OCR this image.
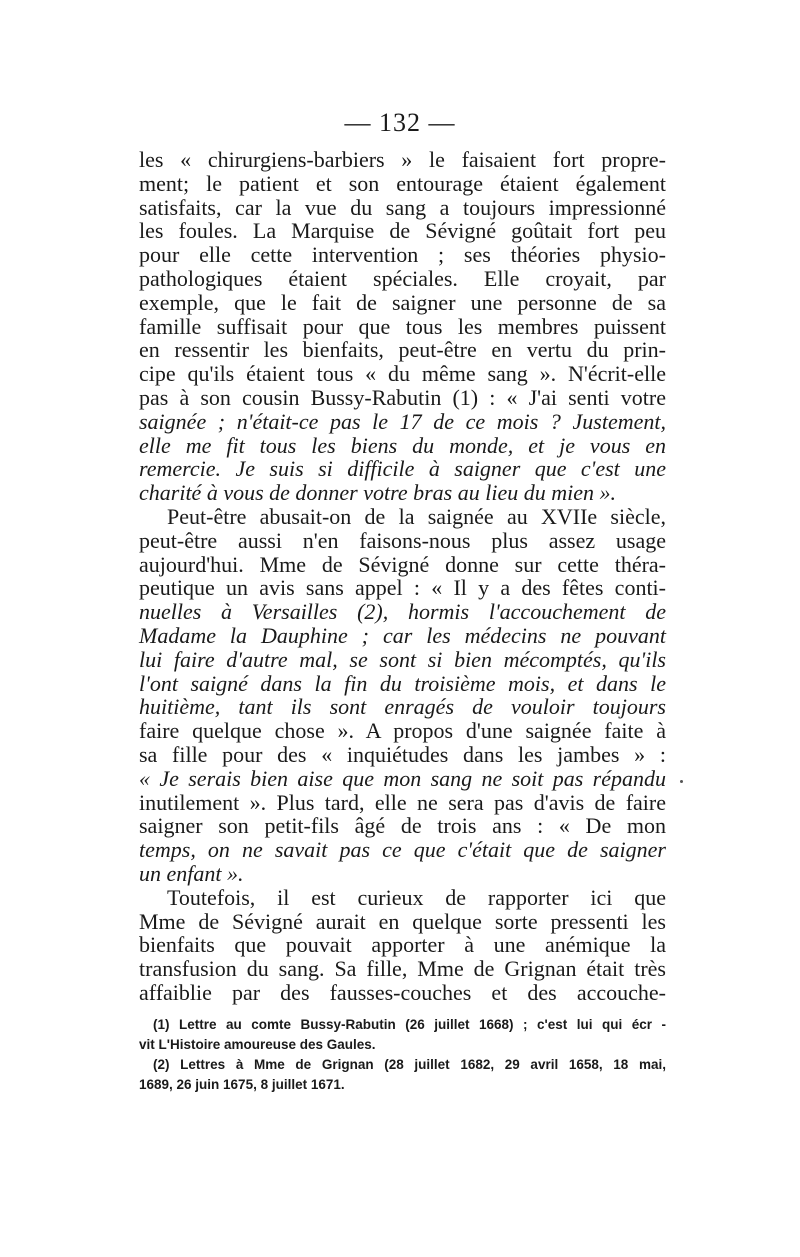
— 132 —
les « chirurgiens-barbiers » le faisaient fort propre-
ment; le patient et son entourage étaient également
satisfaits, car la vue du sang a toujours impressionné
les foules. La Marquise de Sévigné goûtait fort peu
pour elle cette intervention ; ses théories physio-
pathologiques étaient spéciales. Elle croyait, par
exemple, que le fait de saigner une personne de sa
famille suffisait pour que tous les membres puissent
en ressentir les bienfaits, peut-être en vertu du prin-
cipe qu'ils étaient tous « du même sang ». N'écrit-elle
pas à son cousin Bussy-Rabutin (1) : « J'ai senti votre
saignée ; n'était-ce pas le 17 de ce mois ? Justement,
elle me fit tous les biens du monde, et je vous en
remercie. Je suis si difficile à saigner que c'est une
charité à vous de donner votre bras au lieu du mien ».
Peut-être abusait-on de la saignée au XVIIe siècle,
peut-être aussi n'en faisons-nous plus assez usage
aujourd'hui. Mme de Sévigné donne sur cette théra-
peutique un avis sans appel : « Il y a des fêtes conti-
nuelles à Versailles (2), hormis l'accouchement de
Madame la Dauphine ; car les médecins ne pouvant
lui faire d'autre mal, se sont si bien mécomptés, qu'ils
l'ont saigné dans la fin du troisième mois, et dans le
huitième, tant ils sont enragés de vouloir toujours
faire quelque chose ». A propos d'une saignée faite à
sa fille pour des « inquiétudes dans les jambes » :
« Je serais bien aise que mon sang ne soit pas répandu
inutilement ». Plus tard, elle ne sera pas d'avis de faire
saigner son petit-fils âgé de trois ans : « De mon
temps, on ne savait pas ce que c'était que de saigner
un enfant ».
Toutefois, il est curieux de rapporter ici que
Mme de Sévigné aurait en quelque sorte pressenti les
bienfaits que pouvait apporter à une anémique la
transfusion du sang. Sa fille, Mme de Grignan était très
affaiblie par des fausses-couches et des accouche-
(1) Lettre au comte Bussy-Rabutin (26 juillet 1668) ; c'est lui qui écr -
vit L'Histoire amoureuse des Gaules.
(2) Lettres à Mme de Grignan (28 juillet 1682, 29 avril 1658, 18 mai,
1689, 26 juin 1675, 8 juillet 1671.
